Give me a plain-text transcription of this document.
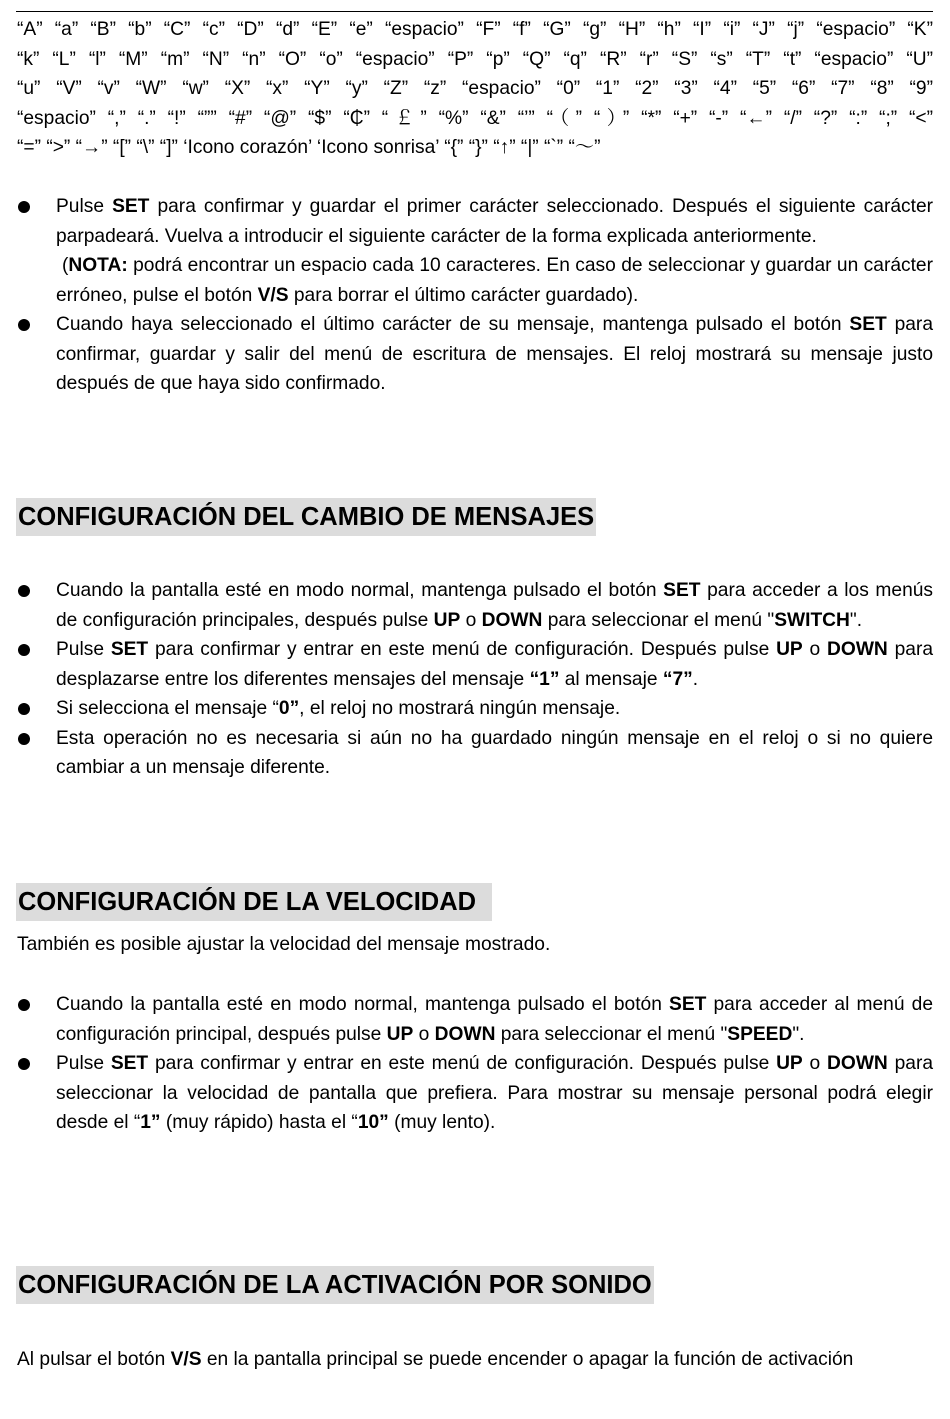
“A” “a” “B” “b” “C” “c” “D” “d” “E” “e” “espacio” “F” “f” “G” “g” “H” “h” “I” “i” “J” “j” “espacio” “K”
“k” “L” “l” “M” “m” “N” “n” “O” “o” “espacio” “P” “p” “Q” “q” “R” “r” “S” “s” “T” “t” “espacio” “U”
“u” “V” “v” “W” “w” “X” “x” “Y” “y” “Z” “z” “espacio” “0” “1” “2” “3” “4” “5” “6” “7” “8” “9”
“espacio” “,” “.” “!” “”” “#” “@” “$” “₵” “￡” “%” “&” “’” “（” “）” “*” “+” “-” “←” “/” “?” “:” “;” “<”
“=” “>” “→” “[” “\” “]” ‘Icono corazón’ ‘Icono sonrisa’ “{” “}” “↑” “|” “`” “～”
Pulse SET para confirmar y guardar el primer carácter seleccionado. Después el siguiente carácter parpadeará. Vuelva a introducir el siguiente carácter de la forma explicada anteriormente.
(NOTA: podrá encontrar un espacio cada 10 caracteres. En caso de seleccionar y guardar un carácter erróneo, pulse el botón V/S para borrar el último carácter guardado).
Cuando haya seleccionado el último carácter de su mensaje, mantenga pulsado el botón SET para confirmar, guardar y salir del menú de escritura de mensajes. El reloj mostrará su mensaje justo después de que haya sido confirmado.
CONFIGURACIÓN DEL CAMBIO DE MENSAJES
Cuando la pantalla esté en modo normal, mantenga pulsado el botón SET para acceder a los menús de configuración principales, después pulse UP o DOWN para seleccionar el menú "SWITCH".
Pulse SET para confirmar y entrar en este menú de configuración. Después pulse UP o DOWN para desplazarse entre los diferentes mensajes del mensaje “1” al mensaje “7”.
Si selecciona el mensaje “0”, el reloj no mostrará ningún mensaje.
Esta operación no es necesaria si aún no ha guardado ningún mensaje en el reloj o si no quiere cambiar a un mensaje diferente.
CONFIGURACIÓN DE LA VELOCIDAD

También es posible ajustar la velocidad del mensaje mostrado.

Cuando la pantalla esté en modo normal, mantenga pulsado el botón SET para acceder al menú de configuración principal, después pulse UP o DOWN para seleccionar el menú "SPEED".
Pulse SET para confirmar y entrar en este menú de configuración. Después pulse UP o DOWN para seleccionar la velocidad de pantalla que prefiera. Para mostrar su mensaje personal podrá elegir desde el “1” (muy rápido) hasta el “10” (muy lento).
CONFIGURACIÓN DE LA ACTIVACIÓN POR SONIDO

Al pulsar el botón V/S en la pantalla principal se puede encender o apagar la función de activación
